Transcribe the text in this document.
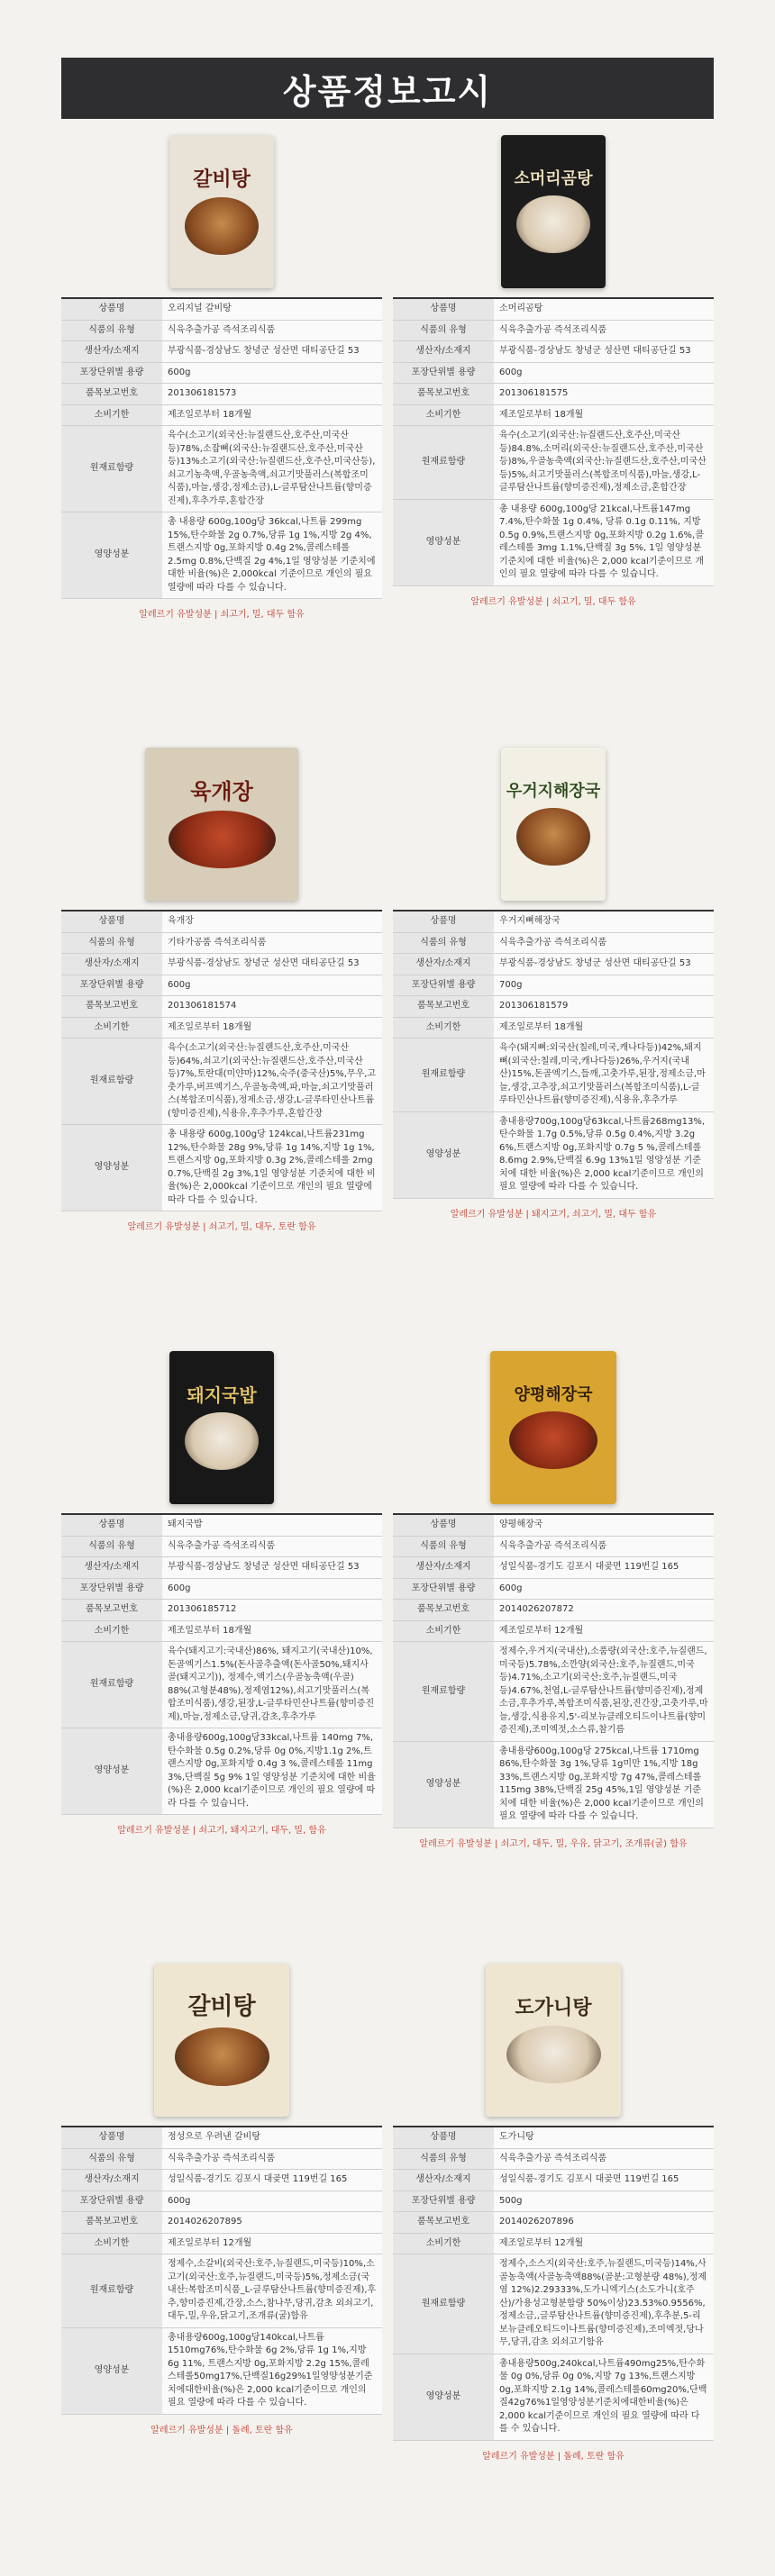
상품정보고시
갈비탕
상품명	오리지널 갈비탕
식품의 유형	식육추출가공 즉석조리식품
생산자/소재지	부광식품-경상남도 창녕군 성산면 대티공단길 53
포장단위별 용량	600g
품목보고번호	201306181573
소비기한	제조일로부터 18개월
원재료함량	육수(소고기(외국산:뉴질랜드산,호주산,미국산등)78%,소잡뼈(외국산:뉴질랜드산,호주산,미국산등)13%소고기(외국산:뉴질랜드산,호주산,미국산등),쇠고기농축액,우골농축액,쇠고기맛풀러스(복합조미식품),마늘,생강,정제소금),L-글루탐산나트륨(향미증진제),후추가루,혼합간장
영양성분	총 내용량 600g,100g당 36kcal,나트륨 299mg 15%,탄수화물 2g 0.7%,당류 1g 1%,지방 2g 4%,트랜스지방 0g,포화지방 0.4g 2%,콜레스테롤 2.5mg 0.8%,단백질 2g 4%,1일 영양성분 기준치에 대한 비율(%)은 2,000kcal 기준이므로 개인의 필요 열량에 따라 다를 수 있습니다.
알레르기 유발성분 | 쇠고기, 밀, 대두 함유
소머리곰탕
상품명	소머리곰탕
식품의 유형	식육추출가공 즉석조리식품
생산자/소재지	부광식품-경상남도 창녕군 성산면 대티공단길 53
포장단위별 용량	600g
품목보고번호	201306181575
소비기한	제조일로부터 18개월
원재료함량	육수(소고기(외국산:뉴질랜드산,호주산,미국산등)84.8%,소머리(외국산:뉴질랜드산,호주산,미국산등)8%,우골농축액(외국산:뉴질랜드산,호주산,미국산등)5%,쇠고기맛풀러스(복합조미식품),마늘,생강,L-글루탐산나트륨(향미증진제),정제소금,혼합간장
영양성분	총 내용량 600g,100g당 21kcal,나트륨147mg 7.4%,탄수화물 1g 0.4%, 당류 0.1g 0.11%, 지방 0.5g 0.9%,트랜스지방 0g,포화지방 0.2g 1.6%,콜레스테롤 3mg 1.1%,단백질 3g 5%, 1일 영양성분 기준치에 대한 비율(%)은 2,000 kcal기준이므로 개인의 필요 열량에 따라 다를 수 있습니다.
알레르기 유발성분 | 쇠고기, 밀, 대두 함유
육개장
상품명	육개장
식품의 유형	기타가공품 즉석조리식품
생산자/소재지	부광식품-경상남도 창녕군 성산면 대티공단길 53
포장단위별 용량	600g
품목보고번호	201306181574
소비기한	제조일로부터 18개월
원재료함량	육수(소고기(외국산:뉴질랜드산,호주산,미국산등)64%,쇠고기(외국산:뉴질랜드산,호주산,미국산등)7%,토란대(미얀마)12%,숙주(중국산)5%,무우,고춧가루,버프엑기스,우골농축액,파,마늘,쇠고기맛풀러스(복합조미식품),정제소금,생강,L-글루타민산나트륨(향미증진제),식용유,후추가루,혼합간장
영양성분	총 내용량 600g,100g당 124kcal,나트륨231mg 12%,탄수화물 28g 9%,당류 1g 14%,지방 1g 1%,트랜스지방 0g,포화지방 0.3g 2%,콜레스테롤 2mg 0.7%,단백질 2g 3%,1일 영양성분 기준치에 대한 비율(%)은 2,000kcal 기준이므로 개인의 필요 열량에 따라 다를 수 있습니다.
알레르기 유발성분 | 쇠고기, 밀, 대두, 토란 함유
우거지해장국
상품명	우거지뼈해장국
식품의 유형	식육추출가공 즉석조리식품
생산자/소재지	부광식품-경상남도 창녕군 성산면 대티공단길 53
포장단위별 용량	700g
품목보고번호	201306181579
소비기한	제조일로부터 18개월
원재료함량	육수(돼지뼈:외국산(칠레,미국,캐나다등))42%,돼지뼈(외국산:칠레,미국,캐나다등)26%,우거지(국내산)15%,돈골엑기스,들깨,고춧가루,된장,정제소금,마늘,생강,고추장,쇠고기맛풀러스(복합조미식품),L-글루타민산나트륨(향미증진제),식용유,후추가루
영양성분	총내용량700g,100g당63kcal,나트륨268mg13%,탄수화물 1.7g 0.5%,당류 0.5g 0.4%,지방 3.2g 6%,트랜스지방 0g,포화지방 0.7g 5 %,콜레스테롤 8.6mg 2.9%,단백질 6.9g 13%1일 영양성분 기준치에 대한 비율(%)은 2,000 kcal기준이므로 개인의 필요 열량에 따라 다를 수 있습니다.
알레르기 유발성분 | 돼지고기, 쇠고기, 밀, 대두 함유
돼지국밥
상품명	돼지국밥
식품의 유형	식육추출가공 즉석조리식품
생산자/소재지	부광식품-경상남도 창녕군 성산면 대티공단길 53
포장단위별 용량	600g
품목보고번호	201306185712
소비기한	제조일로부터 18개월
원재료함량	육수(돼지고기:국내산)86%, 돼지고기(국내산)10%, 돈골엑기스1.5%(돈사골추출액(돈사골50%,돼지사골(돼지고기)), 정제수,액기스(우골농축액(우골) 88%(고형분48%),정제염12%),쇠고기맛풀러스(복합조미식품),생강,된장,L-글루타민산나트륨(향미증진제),마늘,정제소금,당귀,감초,후추가루
영양성분	총내용량600g,100g당33kcal,나트륨 140mg 7%,탄수화물 0.5g 0.2%,당류 0g 0%,지방1.1g 2%,트랜스지방 0g,포화지방 0.4g 3 %,콜레스테롤 11mg 3%,단백질 5g 9% 1일 영양성분 기준치에 대한 비율(%)은 2,000 kcal기준이므로 개인의 필요 열량에 따라 다를 수 있습니다.
알레르기 유발성분 | 쇠고기, 돼지고기, 대두, 밀, 함유
양평해장국
상품명	양평해장국
식품의 유형	식육추출가공 즉석조리식품
생산자/소재지	성일식품-경기도 김포시 대곶면 119번길 165
포장단위별 용량	600g
품목보고번호	2014026207872
소비기한	제조일로부터 12개월
원재료함량	정제수,우거지(국내산),소품량(외국산:호주,뉴질랜드,미국등)5.78%,소깐양(외국산:호주,뉴질랜드,미국등)4.71%,소고기(외국산:호주,뉴질랜드,미국등)4.67%,천엽,L-글루탐산나트륨(향미증진제),정제소금,후추가루,복합조미식품,된장,진간장,고춧가루,마늘,생강,식용유지,5'-리보뉴클레오티드이나트륨(향미증진제),조미엑젓,소스류,참기름
영양성분	총내용량600g,100g당 275kcal,나트륨 1710mg 86%,탄수화물 3g 1%,당류 1g미만 1%,지방 18g 33%,트랜스지방 0g,포화지방 7g 47%,콜레스테롤 115mg 38%,단백질 25g 45%,1일 영양성분 기준치에 대한 비율(%)은 2,000 kcal기준이므로 개인의 필요 열량에 따라 다를 수 있습니다.
알레르기 유발성분 | 쇠고기, 대두, 밀, 우유, 닭고기, 조개류(굴) 함유
갈비탕
상품명	정성으로 우려낸 갈비탕
식품의 유형	식육추출가공 즉석조리식품
생산자/소재지	성일식품-경기도 김포시 대곶면 119번길 165
포장단위별 용량	600g
품목보고번호	2014026207895
소비기한	제조일로부터 12개월
원재료함량	정제수,소갈비(외국산:호주,뉴질랜드,미국등)10%,소고기(외국산:호주,뉴질랜드,미국등)5%,정제소금(국내산:복합조미식품_L-글루탐산나트륨(향미증진제),후추,향미증진제,간장,소스,참나무,당귀,감초 외쇠고기,대두,밀,우유,닭고기,조개류(굴)함유
영양성분	총내용량600g,100g당140kcal,나트륨1510mg76%,탄수화물 6g 2%,당류 1g 1%,지방6g 11%, 트랜스지방 0g,포화지방 2.2g 15%,콜레스테롤50mg17%,단백질16g29%1일영양성분기준치에대한비율(%)은 2,000 kcal기준이므로 개인의 필요 열량에 따라 다를 수 있습니다.
알레르기 유발성분 | 돌례, 토란 함유
도가니탕
상품명	도가니탕
식품의 유형	식육추출가공 즉석조리식품
생산자/소재지	성일식품-경기도 김포시 대곶면 119번길 165
포장단위별 용량	500g
품목보고번호	2014026207896
소비기한	제조일로부터 12개월
원재료함량	정제수,소스지(외국산:호주,뉴질랜드,미국등)14%,사골농축액(사골농축액88%(골분:고형분량 48%),정제염 12%)2.29333%,도가니엑기스(소도가니(호주산)/가용성고형분함량 50%이상)23.53%0.9556%,정제소금,,글루탐산나트륨(향미증진제),후추분,5-리보뉴클레오티드이나트륨(향미증진제),조미엑젓,당나무,당귀,감초 외쇠고기함유
영양성분	총내용량500g,240kcal,나트륨490mg25%,탄수화물 0g 0%,당류 0g 0%,지방 7g 13%,트랜스지방 0g,포화지방 2.1g 14%,콜레스테롤60mg20%,단백질42g76%1일영양성분기준치에대한비율(%)은 2,000 kcal기준이므로 개인의 필요 열량에 따라 다를 수 있습니다.
알레르기 유발성분 | 돌례, 토란 함유
